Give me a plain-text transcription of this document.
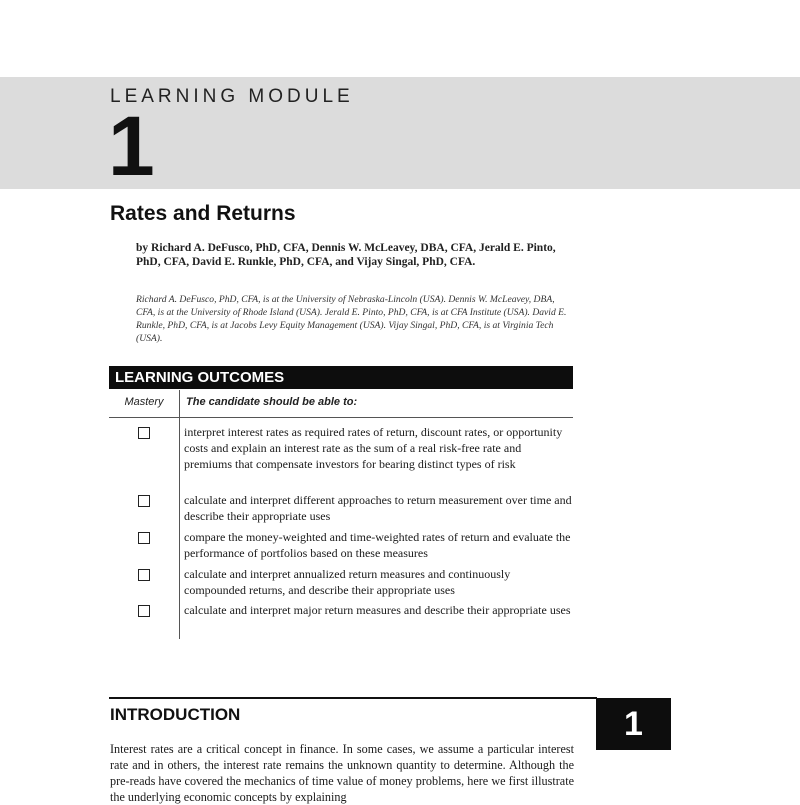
LEARNING MODULE
1
Rates and Returns
by Richard A. DeFusco, PhD, CFA, Dennis W. McLeavey, DBA, CFA, Jerald E. Pinto, PhD, CFA, David E. Runkle, PhD, CFA, and Vijay Singal, PhD, CFA.
Richard A. DeFusco, PhD, CFA, is at the University of Nebraska-Lincoln (USA). Dennis W. McLeavey, DBA, CFA, is at the University of Rhode Island (USA). Jerald E. Pinto, PhD, CFA, is at CFA Institute (USA). David E. Runkle, PhD, CFA, is at Jacobs Levy Equity Management (USA). Vijay Singal, PhD, CFA, is at Virginia Tech (USA).
LEARNING OUTCOMES
Mastery	The candidate should be able to:
interpret interest rates as required rates of return, discount rates, or opportunity costs and explain an interest rate as the sum of a real risk-free rate and premiums that compensate investors for bearing distinct types of risk
calculate and interpret different approaches to return measurement over time and describe their appropriate uses
compare the money-weighted and time-weighted rates of return and evaluate the performance of portfolios based on these measures
calculate and interpret annualized return measures and continuously compounded returns, and describe their appropriate uses
calculate and interpret major return measures and describe their appropriate uses
INTRODUCTION	1
Interest rates are a critical concept in finance. In some cases, we assume a particular interest rate and in others, the interest rate remains the unknown quantity to determine. Although the pre-reads have covered the mechanics of time value of money problems, here we first illustrate the underlying economic concepts by explaining
